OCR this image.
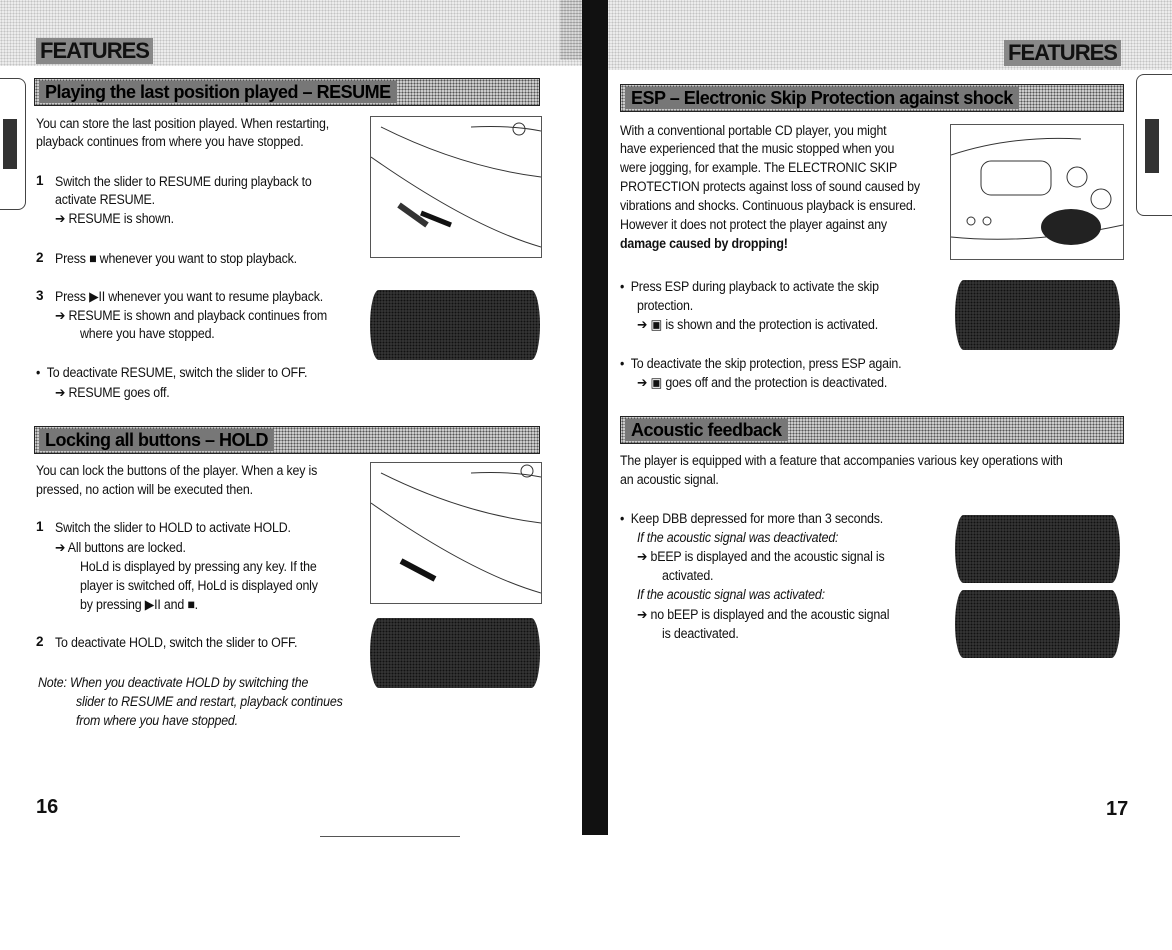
FEATURES
Playing the last position played – RESUME
You can store the last position played. When restarting,
playback continues from where you have stopped.
1 Switch the slider to RESUME during playback to
activate RESUME.
➔ RESUME is shown.
2 Press ■ whenever you want to stop playback.
3 Press ▶II whenever you want to resume playback.
➔ RESUME is shown and playback continues from
where you have stopped.
•  To deactivate RESUME, switch the slider to OFF.
➔ RESUME goes off.
Locking all buttons – HOLD
You can lock the buttons of the player. When a key is
pressed, no action will be executed then.
1 Switch the slider to HOLD to activate HOLD.
➔ All buttons are locked.
HoLd is displayed by pressing any key. If the
player is switched off, HoLd is displayed only
by pressing ▶II and ■.
2 To deactivate HOLD, switch the slider to OFF.
Note: When you deactivate HOLD by switching the
slider to RESUME and restart, playback continues
from where you have stopped.
16
FEATURES
ESP – Electronic Skip Protection against shock
With a conventional portable CD player, you might
have experienced that the music stopped when you
were jogging, for example. The ELECTRONIC SKIP
PROTECTION protects against loss of sound caused by
vibrations and shocks. Continuous playback is ensured.
However it does not protect the player against any
damage caused by dropping!
•  Press ESP during playback to activate the skip
protection.
➔ ▣ is shown and the protection is activated.
•  To deactivate the skip protection, press ESP again.
➔ ▣ goes off and the protection is deactivated.
Acoustic feedback
The player is equipped with a feature that accompanies various key operations with
an acoustic signal.
•  Keep DBB depressed for more than 3 seconds.
If the acoustic signal was deactivated:
➔ bEEP is displayed and the acoustic signal is
activated.
If the acoustic signal was activated:
➔ no bEEP is displayed and the acoustic signal
is deactivated.
17
